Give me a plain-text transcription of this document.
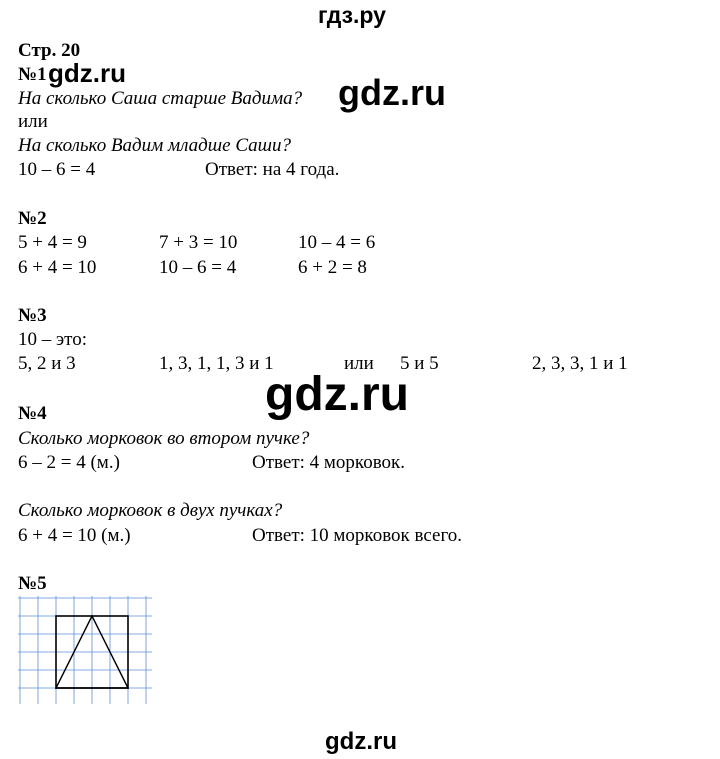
гдз.ру
Стр. 20
№1 gdz.ru	gdz.ru
На сколько Саша старше Вадима?
или
На сколько Вадим младше Саши?
10 – 6 = 4	Ответ: на 4 года.
№2
5 + 4 = 9	7 + 3 = 10	10 – 4 = 6
6 + 4 = 10	10 – 6 = 4	6 + 2 = 8
№3
10 – это:
5, 2 и 3	1, 3, 1, 1, 3 и 1	или 5 и 5	2, 3, 3, 1 и 1
gdz.ru
№4
Сколько морковок во втором пучке?
6 – 2 = 4 (м.)	Ответ: 4 морковок.
Сколько морковок в двух пучках?
6 + 4 = 10 (м.)	Ответ: 10 морковок всего.
№5
gdz.ru
